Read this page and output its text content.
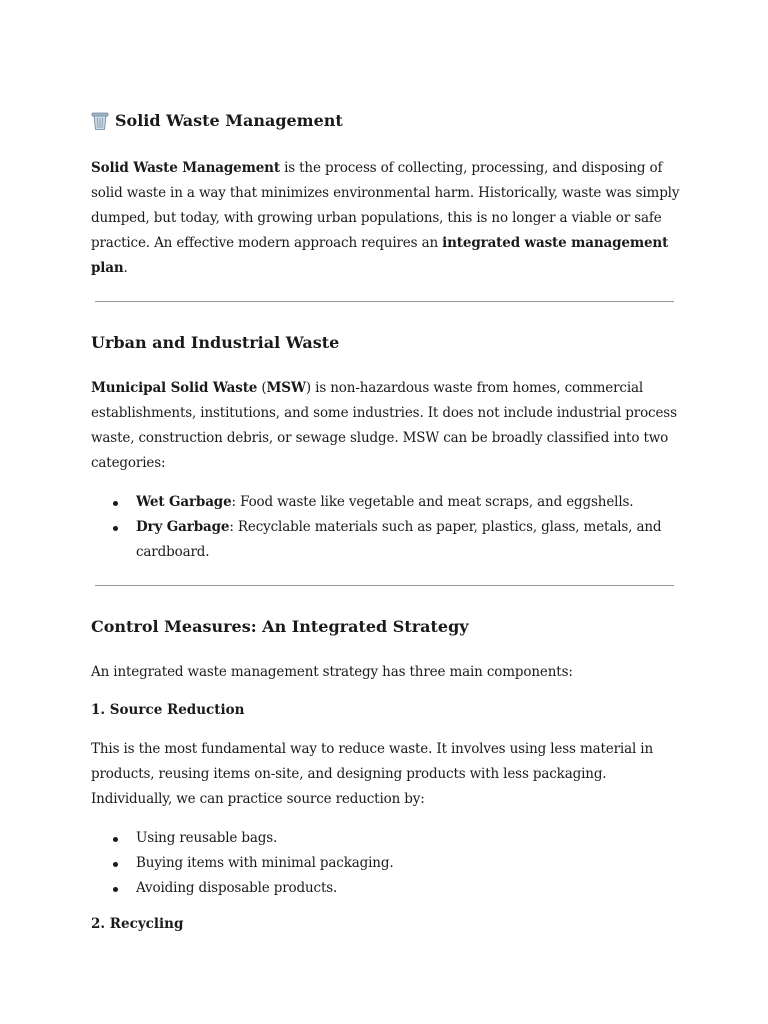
Solid Waste Management

Solid Waste Management is the process of collecting, processing, and disposing of solid waste in a way that minimizes environmental harm. Historically, waste was simply dumped, but today, with growing urban populations, this is no longer a viable or safe practice. An effective modern approach requires an integrated waste management plan.

Urban and Industrial Waste

Municipal Solid Waste (MSW) is non-hazardous waste from homes, commercial establishments, institutions, and some industries. It does not include industrial process waste, construction debris, or sewage sludge. MSW can be broadly classified into two categories:

Wet Garbage: Food waste like vegetable and meat scraps, and eggshells.
Dry Garbage: Recyclable materials such as paper, plastics, glass, metals, and cardboard.
Control Measures: An Integrated Strategy

An integrated waste management strategy has three main components:

1. Source Reduction

This is the most fundamental way to reduce waste. It involves using less material in products, reusing items on-site, and designing products with less packaging. Individually, we can practice source reduction by:

Using reusable bags.
Buying items with minimal packaging.
Avoiding disposable products.
2. Recycling
